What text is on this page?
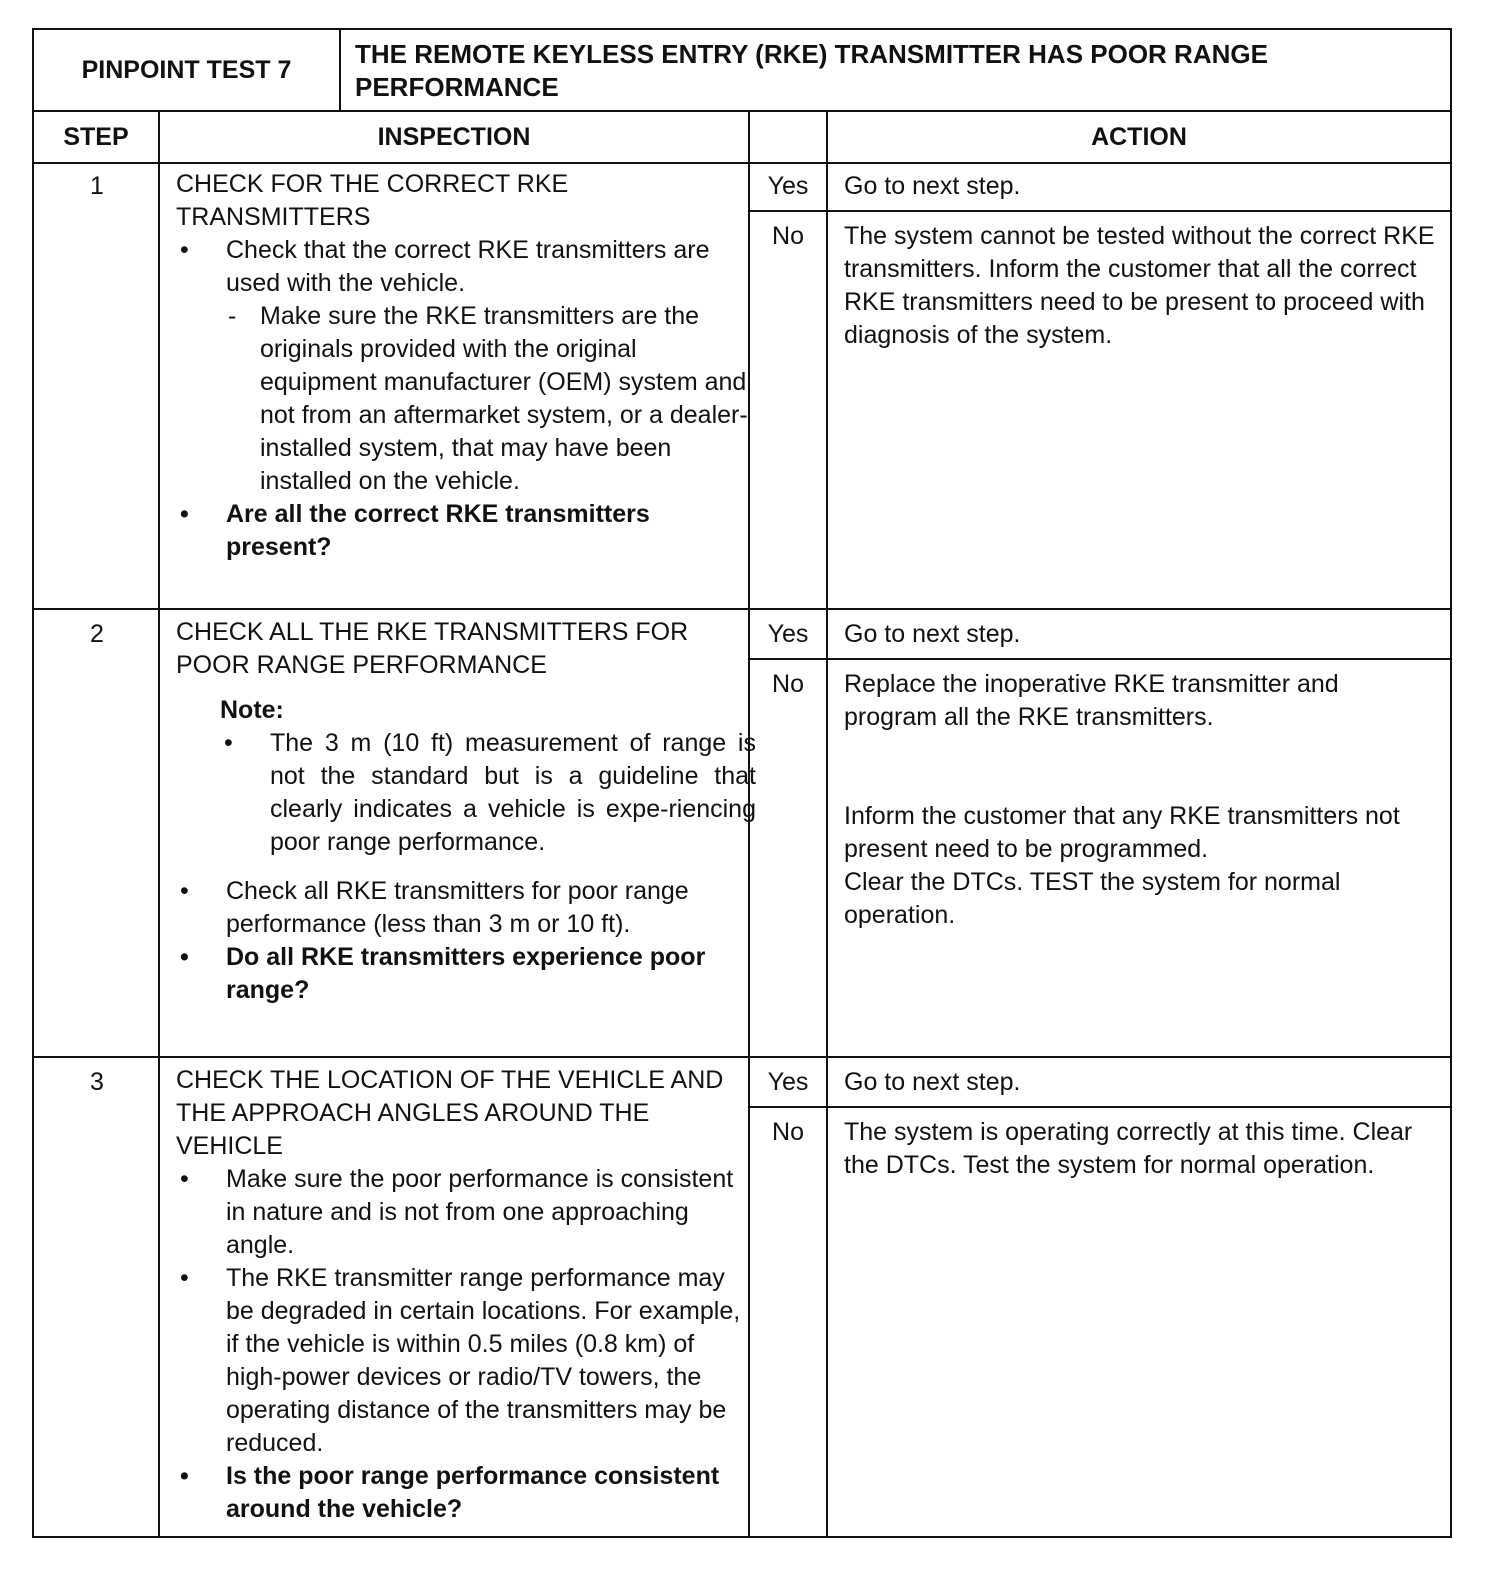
PINPOINT TEST 7
THE REMOTE KEYLESS ENTRY (RKE) TRANSMITTER HAS POOR RANGE PERFORMANCE
STEP	INSPECTION	ACTION
1	CHECK FOR THE CORRECT RKE TRANSMITTERS
• Check that the correct RKE transmitters are used with the vehicle.
- Make sure the RKE transmitters are the originals provided with the original equipment manufacturer (OEM) system and not from an aftermarket system, or a dealer-installed system, that may have been installed on the vehicle.
• Are all the correct RKE transmitters present?
Yes	Go to next step.
No	The system cannot be tested without the correct RKE transmitters. Inform the customer that all the correct RKE transmitters need to be present to proceed with diagnosis of the system.
2	CHECK ALL THE RKE TRANSMITTERS FOR POOR RANGE PERFORMANCE
Note:
• The 3 m (10 ft) measurement of range is not the standard but is a guideline that clearly indicates a vehicle is expe-riencing poor range performance.
• Check all RKE transmitters for poor range performance (less than 3 m or 10 ft).
• Do all RKE transmitters experience poor range?
Yes	Go to next step.
No	Replace the inoperative RKE transmitter and program all the RKE transmitters.
Inform the customer that any RKE transmitters not present need to be programmed.
Clear the DTCs. TEST the system for normal operation.
3	CHECK THE LOCATION OF THE VEHICLE AND THE APPROACH ANGLES AROUND THE VEHICLE
• Make sure the poor performance is consistent in nature and is not from one approaching angle.
• The RKE transmitter range performance may be degraded in certain locations. For example, if the vehicle is within 0.5 miles (0.8 km) of high-power devices or radio/TV towers, the operating distance of the transmitters may be reduced.
• Is the poor range performance consistent around the vehicle?
Yes	Go to next step.
No	The system is operating correctly at this time. Clear the DTCs. Test the system for normal operation.
